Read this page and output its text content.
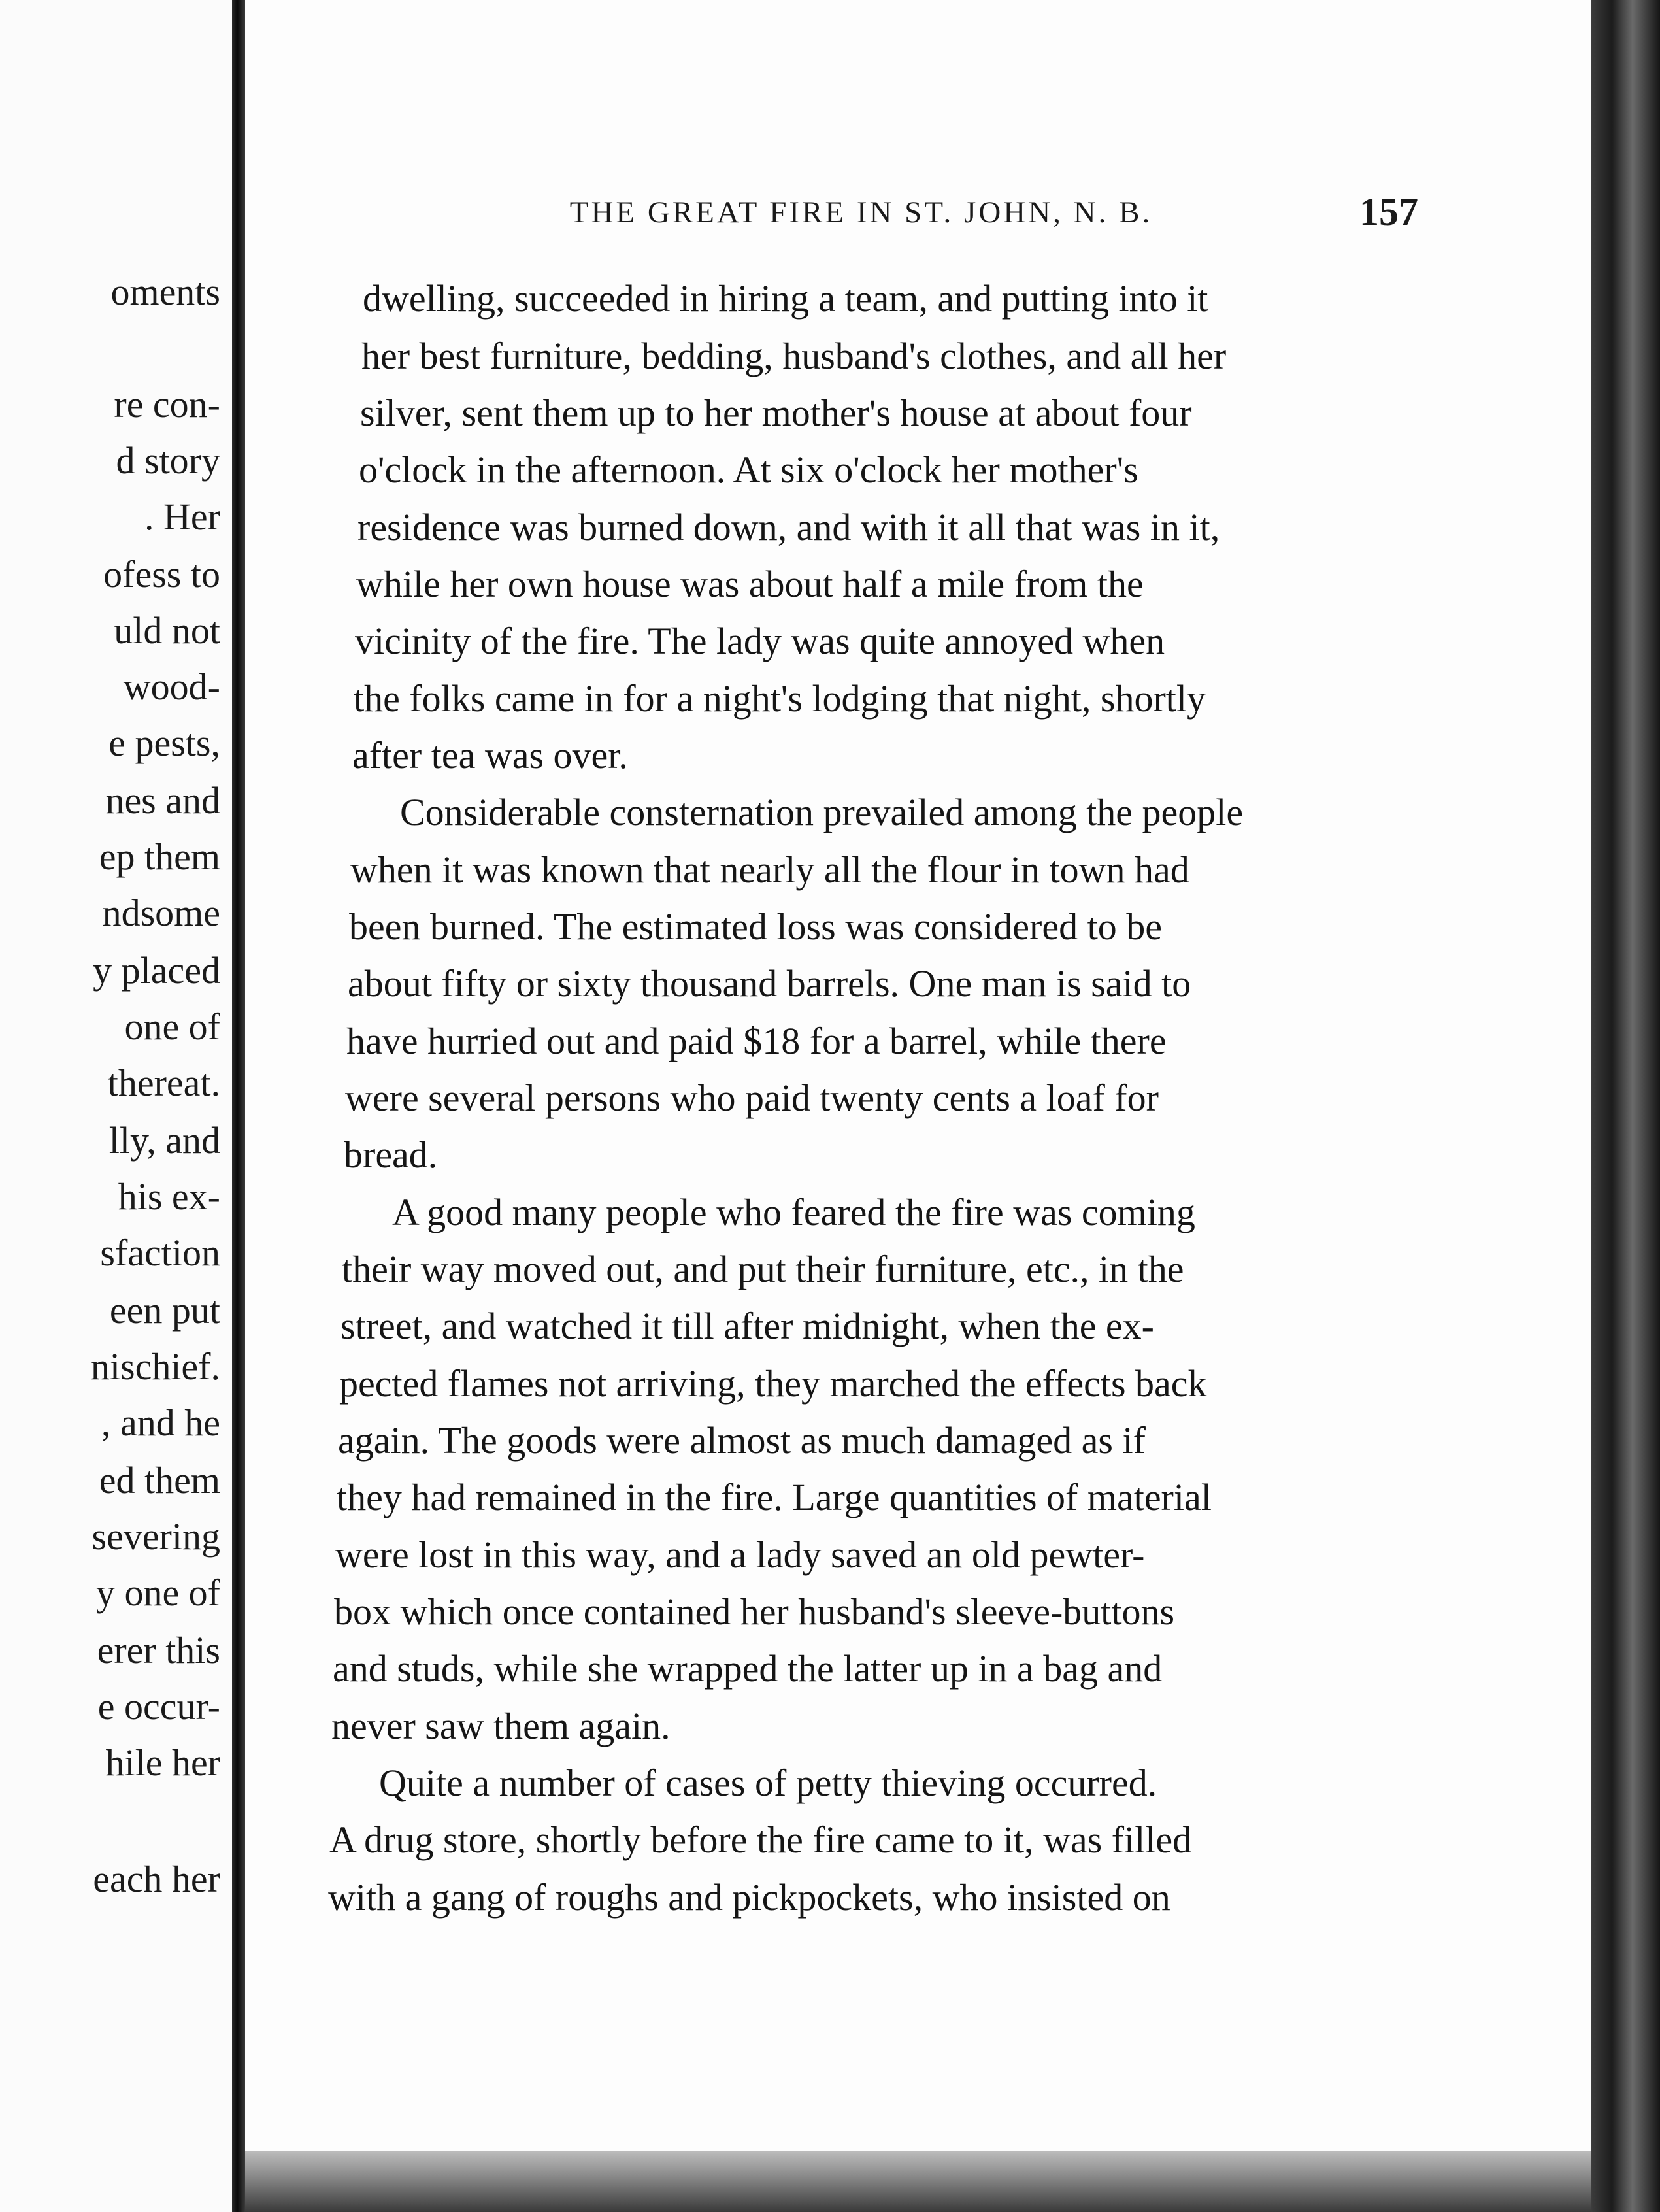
oments
re con-
d story
. Her
ofess to
uld not
wood-
e pests,
nes and
ep them
ndsome
y placed
one of
thereat.
lly, and
his ex-
sfaction
een put
nischief.
, and he
ed them
severing
y one of
erer this
e occur-
hile her
each her
THE GREAT FIRE IN ST. JOHN, N. B.	157
dwelling, succeeded in hiring a team, and putting into it
her best furniture, bedding, husband's clothes, and all her
silver, sent them up to her mother's house at about four
o'clock in the afternoon. At six o'clock her mother's
residence was burned down, and with it all that was in it,
while her own house was about half a mile from the
vicinity of the fire. The lady was quite annoyed when
the folks came in for a night's lodging that night, shortly
after tea was over.
Considerable consternation prevailed among the people
when it was known that nearly all the flour in town had
been burned. The estimated loss was considered to be
about fifty or sixty thousand barrels. One man is said to
have hurried out and paid $18 for a barrel, while there
were several persons who paid twenty cents a loaf for
bread.
A good many people who feared the fire was coming
their way moved out, and put their furniture, etc., in the
street, and watched it till after midnight, when the ex-
pected flames not arriving, they marched the effects back
again. The goods were almost as much damaged as if
they had remained in the fire. Large quantities of material
were lost in this way, and a lady saved an old pewter-
box which once contained her husband's sleeve-buttons
and studs, while she wrapped the latter up in a bag and
never saw them again.
Quite a number of cases of petty thieving occurred.
A drug store, shortly before the fire came to it, was filled
with a gang of roughs and pickpockets, who insisted on
